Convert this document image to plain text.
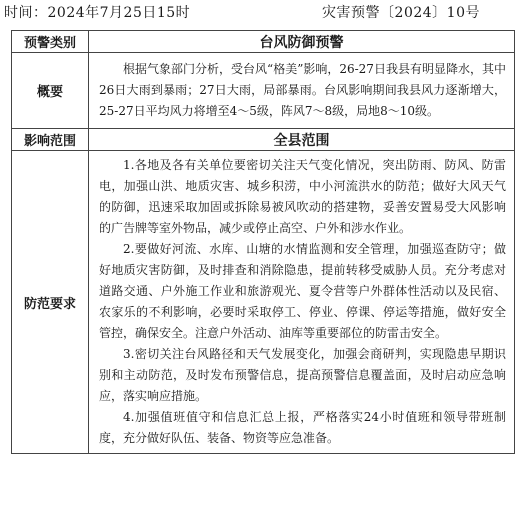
时间：2024年7月25日15时	灾害预警〔2024〕10号
预警类别	台风防御预警
概要	根据气象部门分析，受台风“格美”影响，26-27日我县有明显降水，其中26日大雨到暴雨；27日大雨，局部暴雨。台风影响期间我县风力逐渐增大，25-27日平均风力将增至4～5级，阵风7～8级，局地8～10级。

影响范围	全县范围
防范要求	1.各地及各有关单位要密切关注天气变化情况，突出防雨、防风、防雷电，加强山洪、地质灾害、城乡积涝，中小河流洪水的防范；做好大风天气的防御，迅速采取加固或拆除易被风吹动的搭建物，妥善安置易受大风影响的广告牌等室外物品，减少或停止高空、户外和涉水作业。

2.要做好河流、水库、山塘的水情监测和安全管理，加强巡查防守；做好地质灾害防御，及时排查和消除隐患，提前转移受威胁人员。充分考虑对道路交通、户外施工作业和旅游观光、夏令营等户外群体性活动以及民宿、农家乐的不利影响，必要时采取停工、停业、停课、停运等措施，做好安全管控，确保安全。注意户外活动、油库等重要部位的防雷击安全。

3.密切关注台风路径和天气发展变化，加强会商研判，实现隐患早期识别和主动防范，及时发布预警信息，提高预警信息覆盖面，及时启动应急响应，落实响应措施。

4.加强值班值守和信息汇总上报，严格落实24小时值班和领导带班制度，充分做好队伍、装备、物资等应急准备。
